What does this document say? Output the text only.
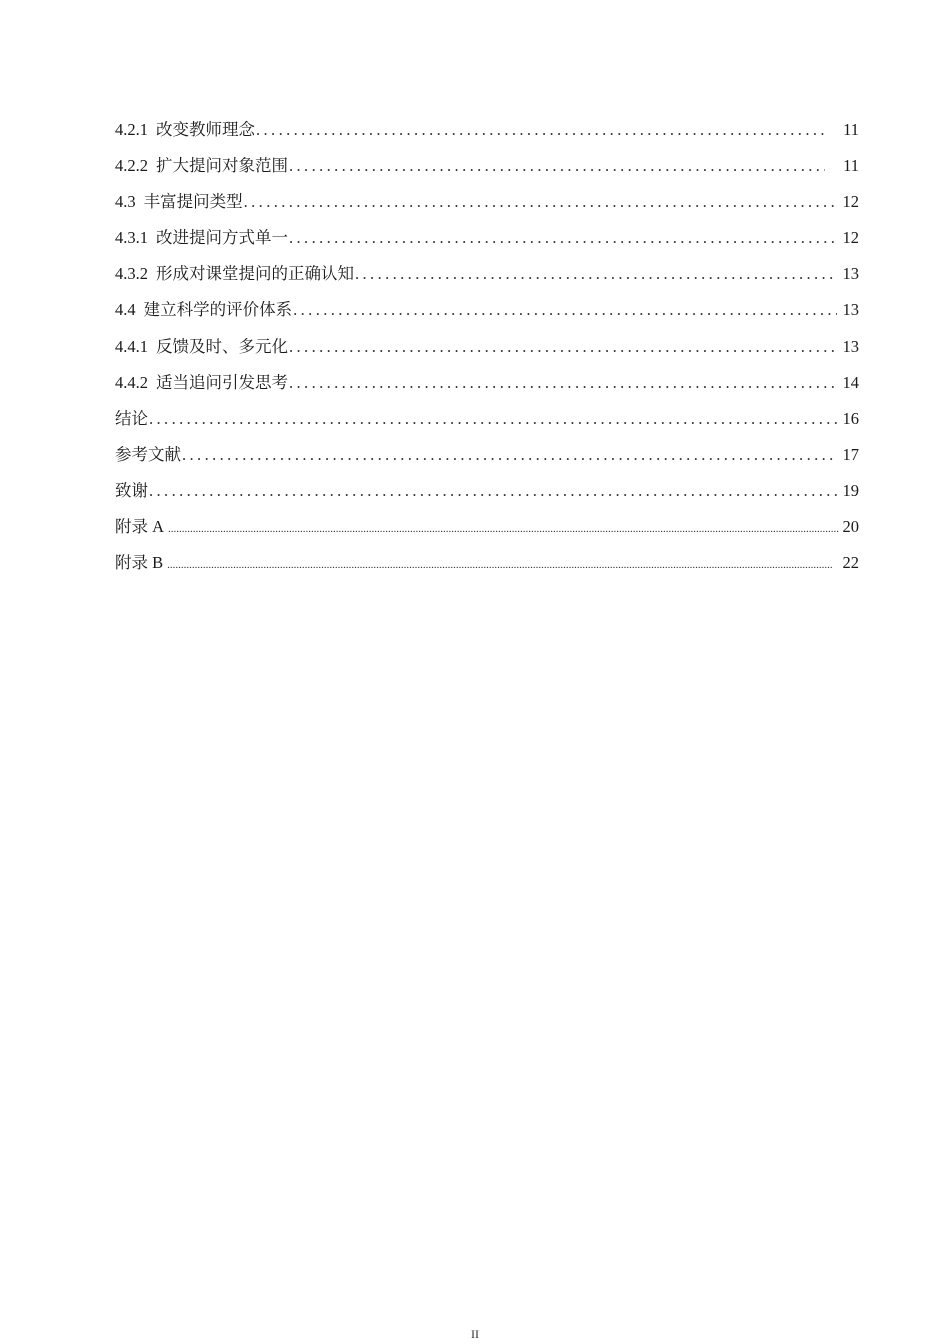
4.2.1 改变教师理念 .....	11
4.2.2 扩大提问对象范围 .....	11
4.3 丰富提问类型 .....	12
4.3.1 改进提问方式单一 .....	12
4.3.2 形成对课堂提问的正确认知 .....	13
4.4 建立科学的评价体系 .....	13
4.4.1 反馈及时、多元化 .....	13
4.4.2 适当追问引发思考 .....	14
结论 .....	16
参考文献 .....	17
致谢 .....	19
附录 A .....	20
附录 B .....	22
II
